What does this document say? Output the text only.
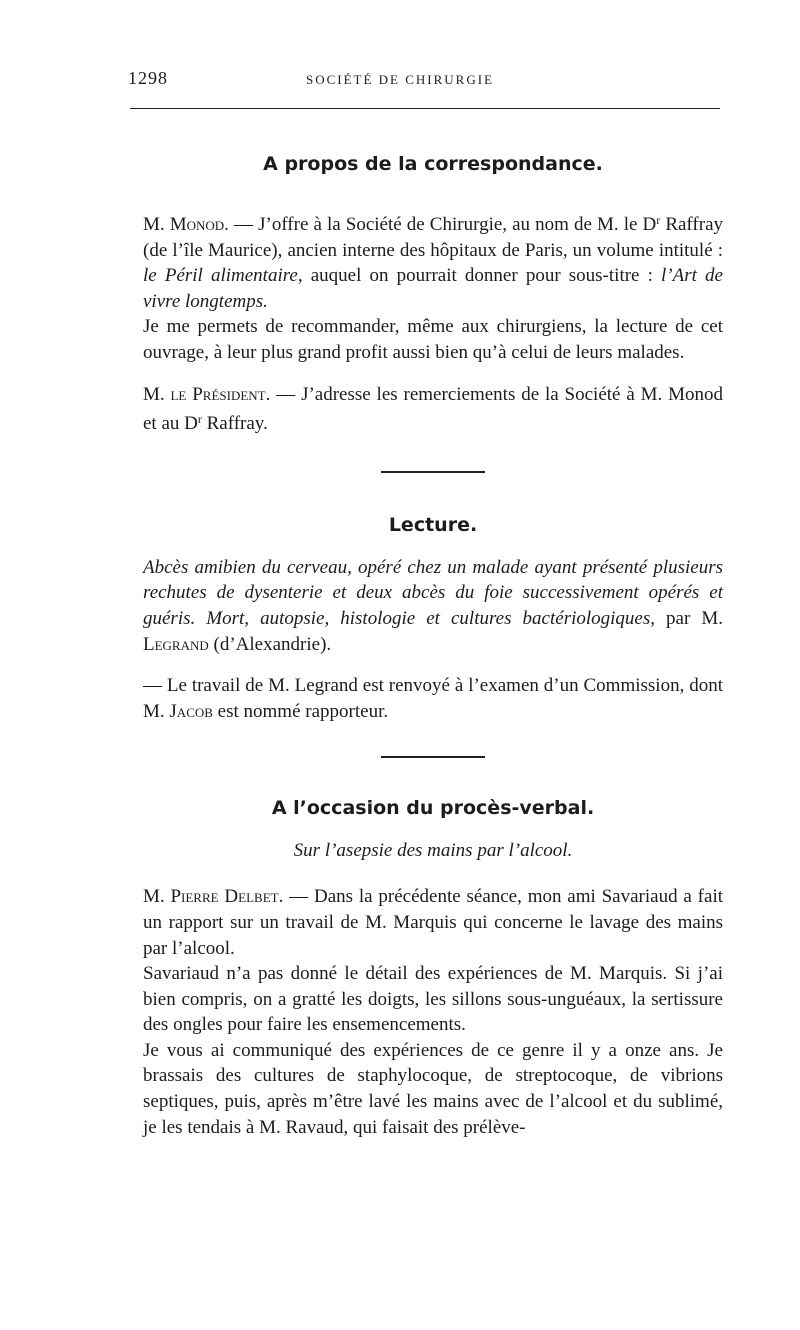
1298	SOCIÉTÉ DE CHIRURGIE
A propos de la correspondance.

M. Monod. — J’offre à la Société de Chirurgie, au nom de M. le $D^r$ Raffray (de l’île Maurice), ancien interne des hôpitaux de Paris, un volume intitulé : le Péril alimentaire, auquel on pourrait donner pour sous-titre : l’Art de vivre longtemps.

Je me permets de recommander, même aux chirurgiens, la lecture de cet ouvrage, à leur plus grand profit aussi bien qu’à celui de leurs malades.

M. le Président. — J’adresse les remerciements de la Société à M. Monod et au $D^r$ Raffray.

Lecture.

Abcès amibien du cerveau, opéré chez un malade ayant présenté plusieurs rechutes de dysenterie et deux abcès du foie successivement opérés et guéris. Mort, autopsie, histologie et cultures bactériologiques, par M. Legrand (d’Alexandrie).

— Le travail de M. Legrand est renvoyé à l’examen d’un Commission, dont M. Jacob est nommé rapporteur.

A l’occasion du procès-verbal.

Sur l’asepsie des mains par l’alcool.

M. Pierre Delbet. — Dans la précédente séance, mon ami Savariaud a fait un rapport sur un travail de M. Marquis qui concerne le lavage des mains par l’alcool.

Savariaud n’a pas donné le détail des expériences de M. Marquis. Si j’ai bien compris, on a gratté les doigts, les sillons sous-unguéaux, la sertissure des ongles pour faire les ensemencements.

Je vous ai communiqué des expériences de ce genre il y a onze ans. Je brassais des cultures de staphylocoque, de streptocoque, de vibrions septiques, puis, après m’être lavé les mains avec de l’alcool et du sublimé, je les tendais à M. Ravaud, qui faisait des prélève-
